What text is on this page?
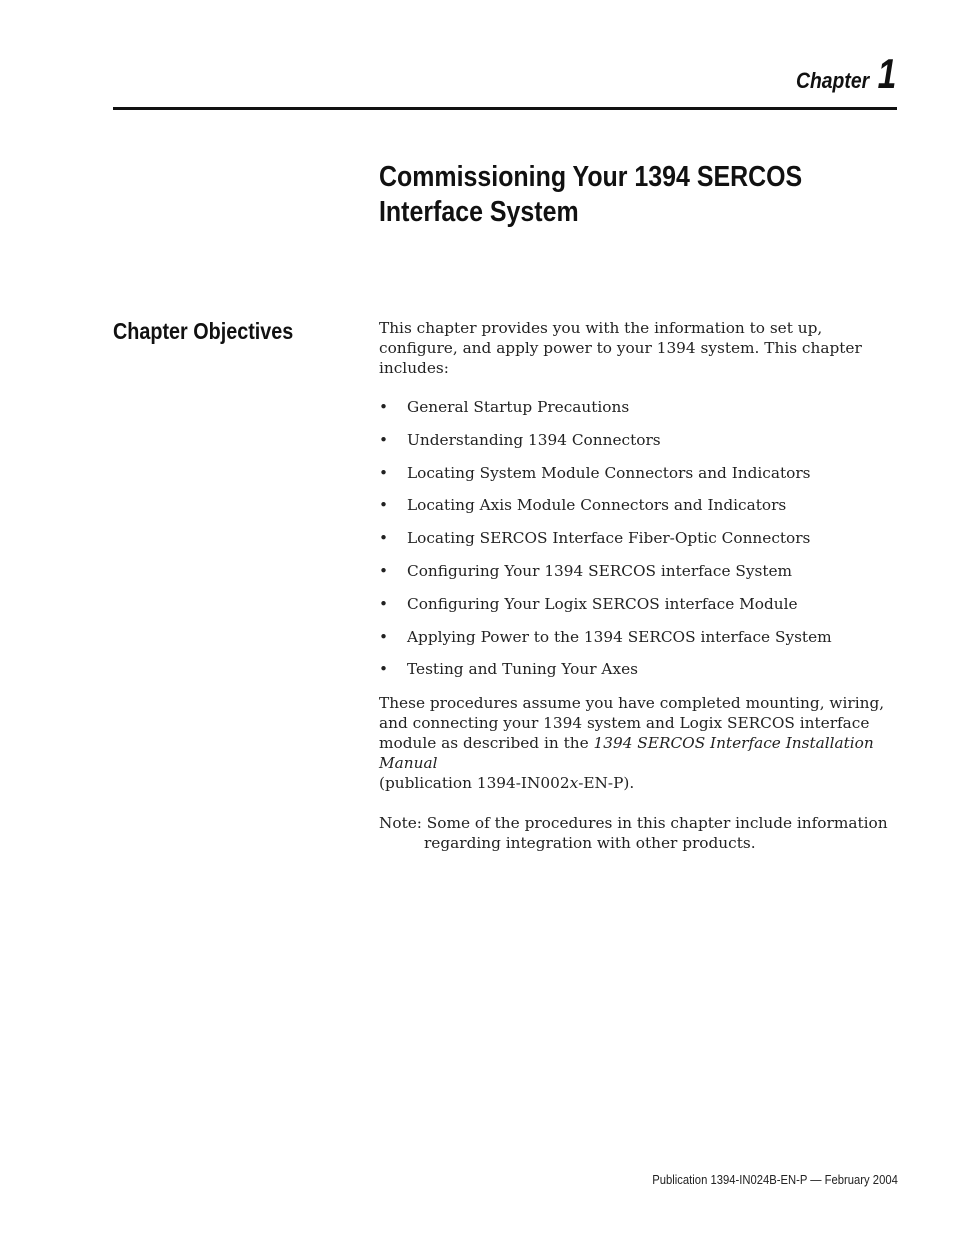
Chapter 1
Commissioning Your 1394 SERCOS Interface System
Chapter Objectives	This chapter provides you with the information to set up, configure, and apply power to your 1394 system. This chapter includes:

• General Startup Precautions
• Understanding 1394 Connectors
• Locating System Module Connectors and Indicators
• Locating Axis Module Connectors and Indicators
• Locating SERCOS Interface Fiber-Optic Connectors
• Configuring Your 1394 SERCOS interface System
• Configuring Your Logix SERCOS interface Module
• Applying Power to the 1394 SERCOS interface System
• Testing and Tuning Your Axes

These procedures assume you have completed mounting, wiring, and connecting your 1394 system and Logix SERCOS interface module as described in the 1394 SERCOS Interface Installation Manual
(publication 1394-IN002x-EN-P).

Note: Some of the procedures in this chapter include information regarding integration with other products.

Publication 1394-IN024B-EN-P — February 2004
